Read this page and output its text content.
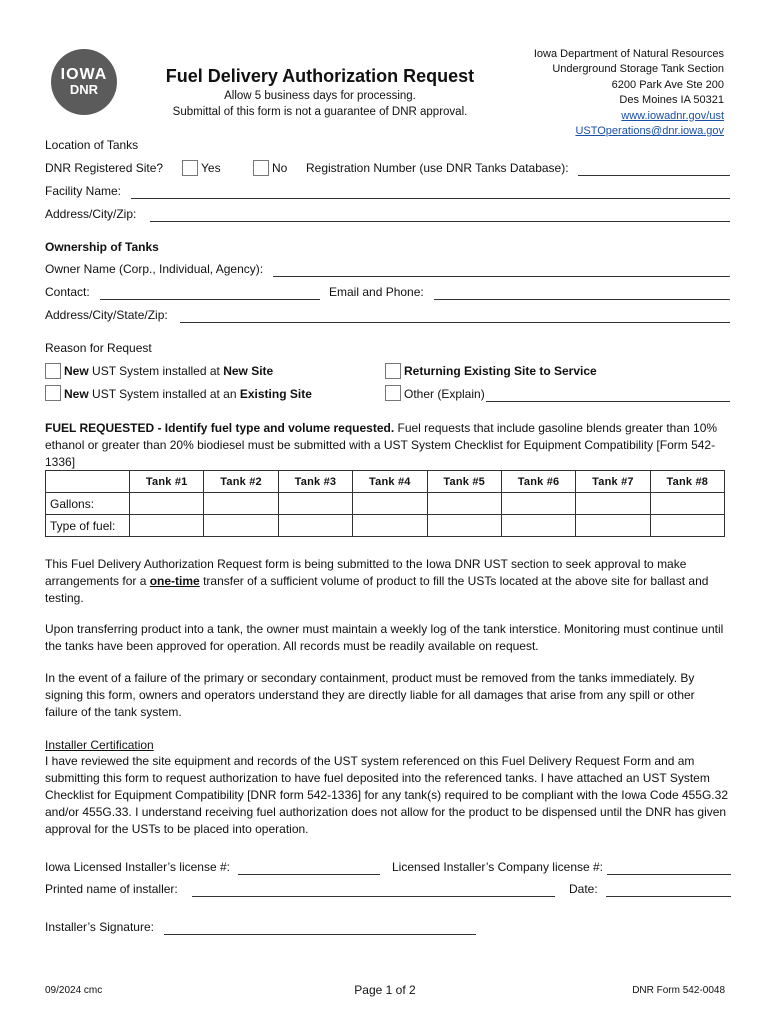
IOWA
DNR
Fuel Delivery Authorization Request
Allow 5 business days for processing.
Submittal of this form is not a guarantee of DNR approval.
Iowa Department of Natural Resources
Underground Storage Tank Section
6200 Park Ave Ste 200
Des Moines IA 50321
www.iowadnr.gov/ust
USTOperations@dnr.iowa.gov
Location of Tanks
DNR Registered Site?	Yes	No Registration Number (use DNR Tanks Database):
Facility Name:
Address/City/Zip:
Ownership of Tanks
Owner Name (Corp., Individual, Agency):
Contact:	Email and Phone:
Address/City/State/Zip:
Reason for Request
New UST System installed at New Site	Returning Existing Site to Service
New UST System installed at an Existing Site	Other (Explain)
FUEL REQUESTED - Identify fuel type and volume requested. Fuel requests that include gasoline blends greater than 10% ethanol or greater than 20% biodiesel must be submitted with a UST System Checklist for Equipment Compatibility [Form 542-1336]
	Tank #1	Tank #2	Tank #3	Tank #4	Tank #5	Tank #6	Tank #7	Tank #8
Gallons:								
Type of fuel:								
This Fuel Delivery Authorization Request form is being submitted to the Iowa DNR UST section to seek approval to make arrangements for a one-time transfer of a sufficient volume of product to fill the USTs located at the above site for ballast and testing.
Upon transferring product into a tank, the owner must maintain a weekly log of the tank interstice. Monitoring must continue until the tanks have been approved for operation. All records must be readily available on request.
In the event of a failure of the primary or secondary containment, product must be removed from the tanks immediately. By signing this form, owners and operators understand they are directly liable for all damages that arise from any spill or other failure of the tank system.
Installer Certification
I have reviewed the site equipment and records of the UST system referenced on this Fuel Delivery Request Form and am submitting this form to request authorization to have fuel deposited into the referenced tanks. I have attached an UST System Checklist for Equipment Compatibility [DNR form 542-1336] for any tank(s) required to be compliant with the Iowa Code 455G.32 and/or 455G.33. I understand receiving fuel authorization does not allow for the product to be dispensed until the DNR has given approval for the USTs to be placed into operation.
Iowa Licensed Installer’s license #:	Licensed Installer’s Company license #:
Printed name of installer:	Date:
Installer’s Signature:
09/2024 cmc	Page 1 of 2	DNR Form 542-0048
